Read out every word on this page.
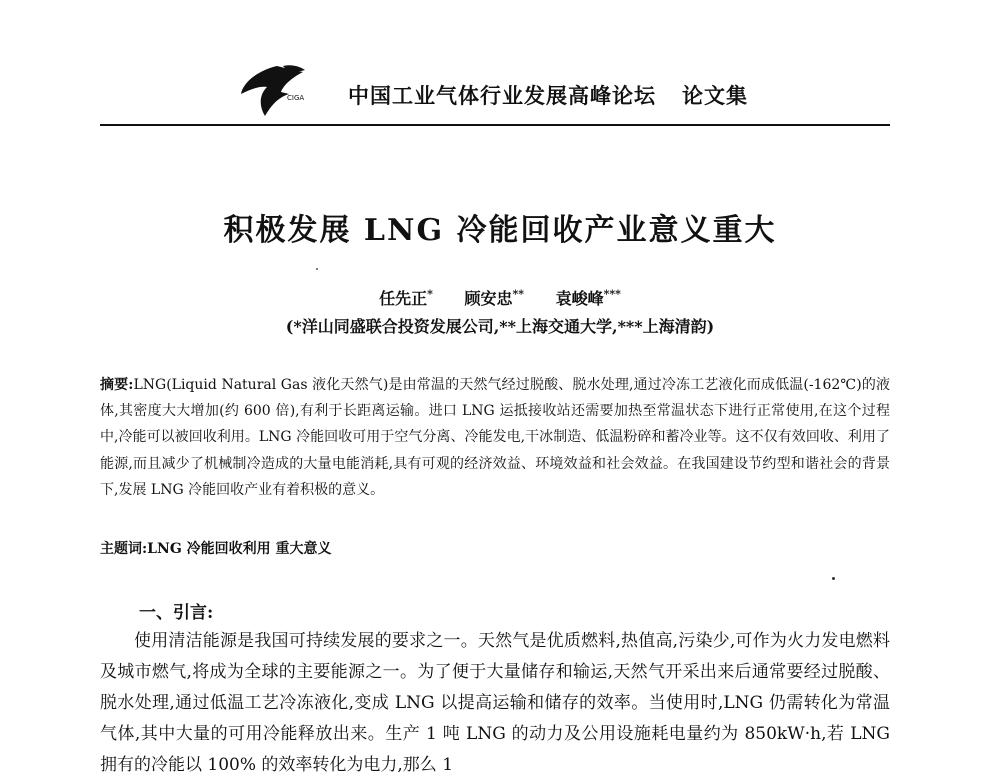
CIGA 中国工业气体行业发展高峰论坛 论文集
积极发展 LNG 冷能回收产业意义重大
任先正* 顾安忠** 袁峻峰***
(*洋山同盛联合投资发展公司,**上海交通大学,***上海清韵)
摘要:LNG(Liquid Natural Gas 液化天然气)是由常温的天然气经过脱酸、脱水处理,通过冷冻工艺液化而成低温(-162℃)的液体,其密度大大增加(约 600 倍),有利于长距离运输。进口 LNG 运抵接收站还需要加热至常温状态下进行正常使用,在这个过程中,冷能可以被回收利用。LNG 冷能回收可用于空气分离、冷能发电,干冰制造、低温粉碎和蓄冷业等。这不仅有效回收、利用了能源,而且减少了机械制冷造成的大量电能消耗,具有可观的经济效益、环境效益和社会效益。在我国建设节约型和谐社会的背景下,发展 LNG 冷能回收产业有着积极的意义。
主题词:LNG 冷能回收利用 重大意义
一、引言:
使用清洁能源是我国可持续发展的要求之一。天然气是优质燃料,热值高,污染少,可作为火力发电燃料及城市燃气,将成为全球的主要能源之一。为了便于大量储存和输运,天然气开采出来后通常要经过脱酸、脱水处理,通过低温工艺冷冻液化,变成 LNG 以提高运输和储存的效率。当使用时,LNG 仍需转化为常温气体,其中大量的可用冷能释放出来。生产 1 吨 LNG 的动力及公用设施耗电量约为 850kW·h,若 LNG 拥有的冷能以 100% 的效率转化为电力,那么 1
